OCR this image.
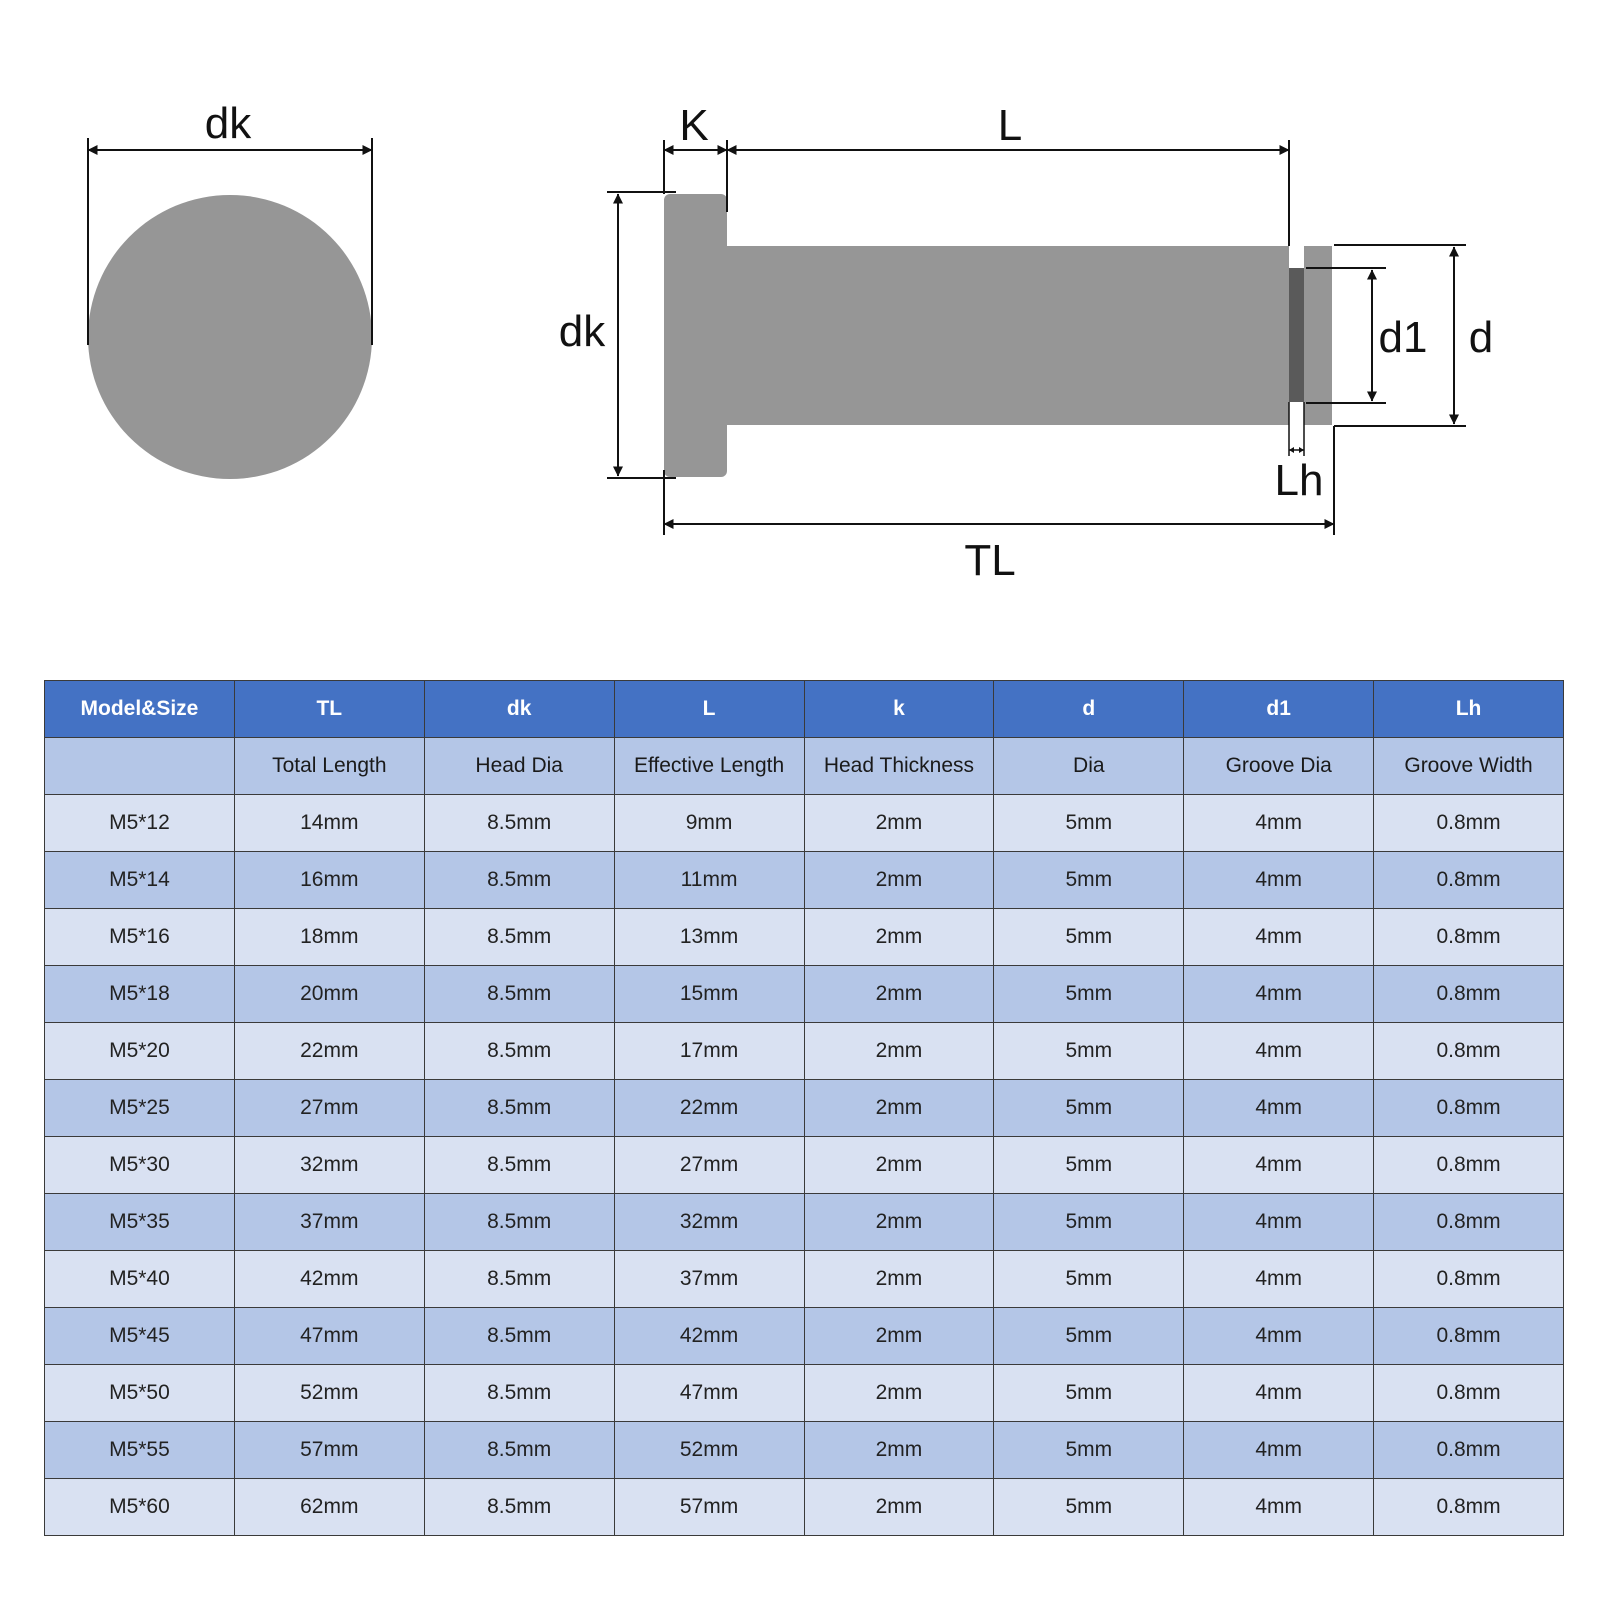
dk	K	L
dk	d1 d
Lh
TL
Model&Size	TL	dk	L	k	d	d1	Lh
	Total Length	Head Dia	Effective Length	Head Thickness	Dia	Groove Dia	Groove Width
M5*12	14mm	8.5mm	9mm	2mm	5mm	4mm	0.8mm
M5*14	16mm	8.5mm	11mm	2mm	5mm	4mm	0.8mm
M5*16	18mm	8.5mm	13mm	2mm	5mm	4mm	0.8mm
M5*18	20mm	8.5mm	15mm	2mm	5mm	4mm	0.8mm
M5*20	22mm	8.5mm	17mm	2mm	5mm	4mm	0.8mm
M5*25	27mm	8.5mm	22mm	2mm	5mm	4mm	0.8mm
M5*30	32mm	8.5mm	27mm	2mm	5mm	4mm	0.8mm
M5*35	37mm	8.5mm	32mm	2mm	5mm	4mm	0.8mm
M5*40	42mm	8.5mm	37mm	2mm	5mm	4mm	0.8mm
M5*45	47mm	8.5mm	42mm	2mm	5mm	4mm	0.8mm
M5*50	52mm	8.5mm	47mm	2mm	5mm	4mm	0.8mm
M5*55	57mm	8.5mm	52mm	2mm	5mm	4mm	0.8mm
M5*60	62mm	8.5mm	57mm	2mm	5mm	4mm	0.8mm
